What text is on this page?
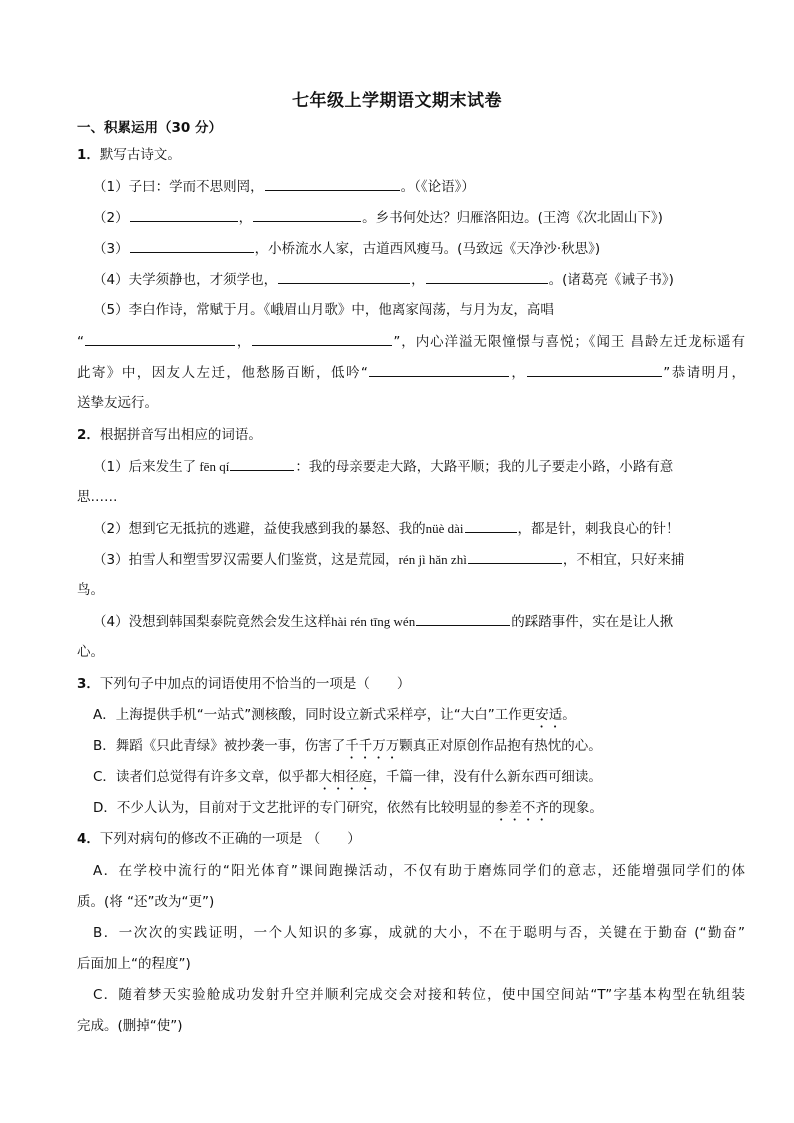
七年级上学期语文期末试卷
一、积累运用（30 分）
1．默写古诗文。
（1）子曰：学而不思则罔，	。（《论语》）
（2）	，	。乡书何处达？归雁洛阳边。(王湾《次北固山下》)
（3）	，小桥流水人家，古道西风瘦马。(马致远《天净沙·秋思》)
（4）夫学须静也，才须学也，	，	。(诸葛亮《诫子书》)
（5）李白作诗，常赋于月。《峨眉山月歌》中，他离家闯荡，与月为友，高唱
“	，	”，内心洋溢无限憧憬与喜悦；《闻王 昌龄左迁龙标遥有
此寄》中，因友人左迁，他愁肠百断，低吟“	，	”恭请明月，
送挚友远行。
2．根据拼音写出相应的词语。
（1）后来发生了 fēn qí	：我的母亲要走大路，大路平顺；我的儿子要走小路，小路有意
思……
（2）想到它无抵抗的逃避，益使我感到我的暴怒、我的nüè dài	，都是针，刺我良心的针！
（3）拍雪人和塑雪罗汉需要人们鉴赏，这是荒园，rén jì hǎn zhì	，不相宜，只好来捕
鸟。
（4）没想到韩国梨泰院竟然会发生这样hài rén tīng wén	的踩踏事件，实在是让人揪
心。
3．下列句子中加点的词语使用不恰当的一项是（　　）
A．上海提供手机“一站式”测核酸，同时设立新式采样亭，让“大白”工作更安适。
B．舞蹈《只此青绿》被抄袭一事，伤害了千千万万颗真正对原创作品抱有热忱的心。
C．读者们总觉得有许多文章，似乎都大相径庭，千篇一律，没有什么新东西可细读。
D．不少人认为，目前对于文艺批评的专门研究，依然有比较明显的参差不齐的现象。
4．下列对病句的修改不正确的一项是 （　　）
A．在学校中流行的“阳光体育”课间跑操活动，不仅有助于磨炼同学们的意志，还能增强同学们的体
质。(将 “还”改为“更”)
B．一次次的实践证明，一个人知识的多寡，成就的大小，不在于聪明与否，关键在于勤奋 (“勤奋”
后面加上“的程度”)
C．随着梦天实验舱成功发射升空并顺利完成交会对接和转位，使中国空间站“T”字基本构型在轨组装
完成。(删掉“使”)
